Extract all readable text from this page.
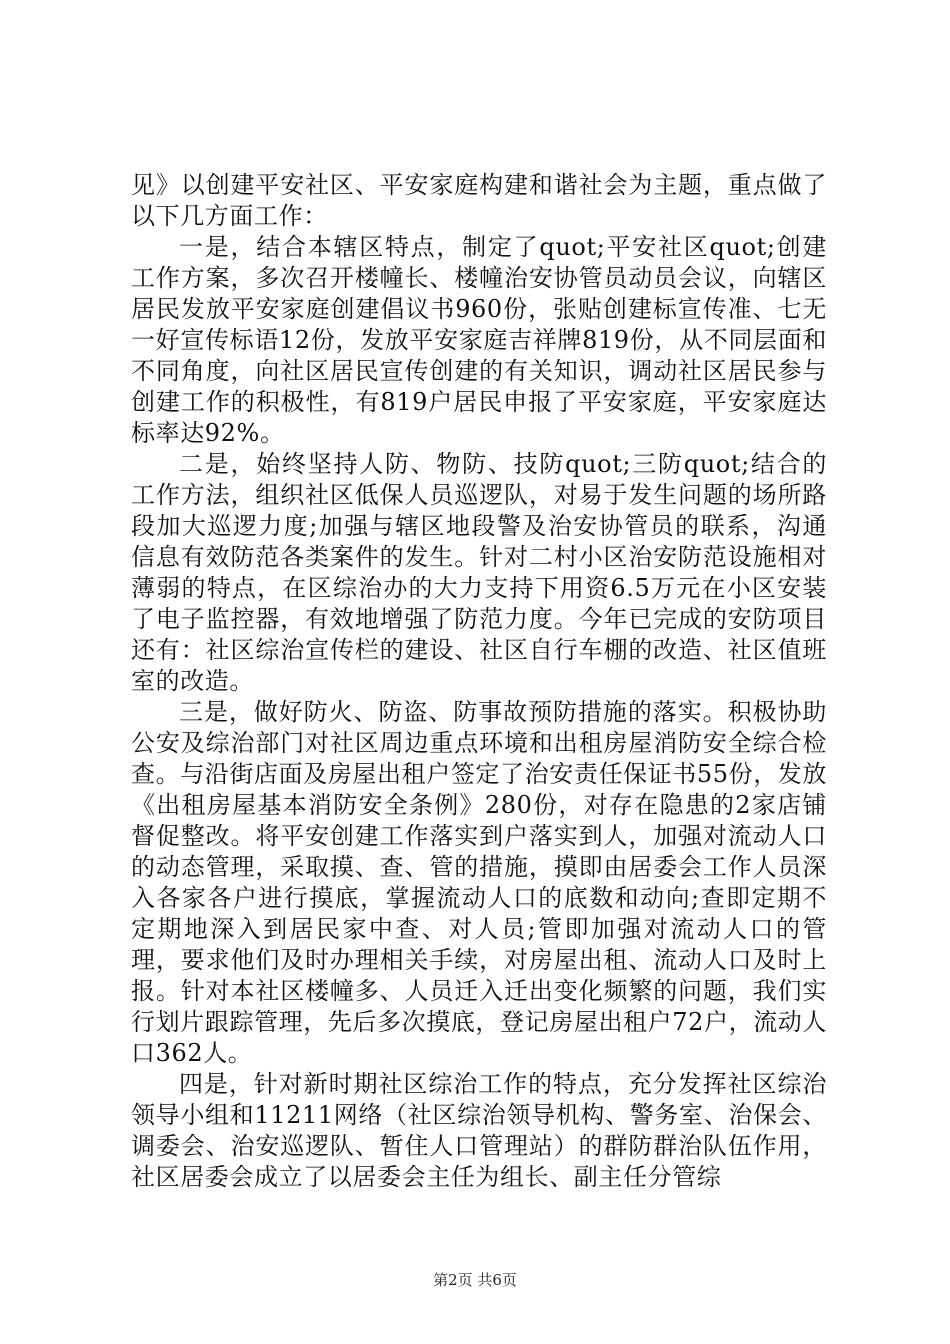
见》以创建平安社区、平安家庭构建和谐社会为主题，重点做了以下几方面工作：

一是，结合本辖区特点，制定了quot;平安社区quot;创建工作方案，多次召开楼幢长、楼幢治安协管员动员会议，向辖区居民发放平安家庭创建倡议书960份，张贴创建标宣传准、七无一好宣传标语12份，发放平安家庭吉祥牌819份，从不同层面和不同角度，向社区居民宣传创建的有关知识，调动社区居民参与创建工作的积极性，有819户居民申报了平安家庭，平安家庭达标率达92%。

二是，始终坚持人防、物防、技防quot;三防quot;结合的工作方法，组织社区低保人员巡逻队，对易于发生问题的场所路段加大巡逻力度;加强与辖区地段警及治安协管员的联系，沟通信息有效防范各类案件的发生。针对二村小区治安防范设施相对薄弱的特点，在区综治办的大力支持下用资6.5万元在小区安装了电子监控器，有效地增强了防范力度。今年已完成的安防项目还有：社区综治宣传栏的建设、社区自行车棚的改造、社区值班室的改造。

三是，做好防火、防盗、防事故预防措施的落实。积极协助公安及综治部门对社区周边重点环境和出租房屋消防安全综合检查。与沿街店面及房屋出租户签定了治安责任保证书55份，发放《出租房屋基本消防安全条例》280份，对存在隐患的2家店铺督促整改。将平安创建工作落实到户落实到人，加强对流动人口的动态管理，采取摸、查、管的措施，摸即由居委会工作人员深入各家各户进行摸底，掌握流动人口的底数和动向;查即定期不定期地深入到居民家中查、对人员;管即加强对流动人口的管理，要求他们及时办理相关手续，对房屋出租、流动人口及时上报。针对本社区楼幢多、人员迁入迁出变化频繁的问题，我们实行划片跟踪管理，先后多次摸底，登记房屋出租户72户，流动人口362人。

四是，针对新时期社区综治工作的特点，充分发挥社区综治领导小组和11211网络（社区综治领导机构、警务室、治保会、调委会、治安巡逻队、暂住人口管理站）的群防群治队伍作用，社区居委会成立了以居委会主任为组长、副主任分管综

第2页 共6页
